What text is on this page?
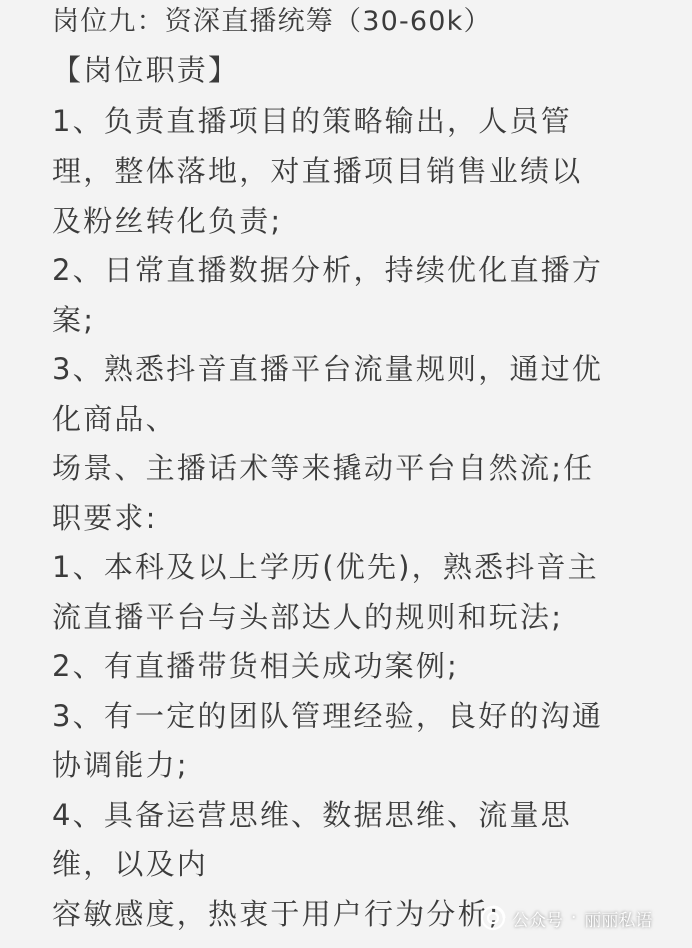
岗位九：资深直播统筹（30-60k）
【岗位职责】
1、负责直播项目的策略输出，人员管
理，整体落地，对直播项目销售业绩以
及粉丝转化负责;
2、日常直播数据分析，持续优化直播方
案;
3、熟悉抖音直播平台流量规则，通过优
化商品、
场景、主播话术等来撬动平台自然流;任
职要求:
1、本科及以上学历(优先)，熟悉抖音主
流直播平台与头部达人的规则和玩法;
2、有直播带货相关成功案例;
3、有一定的团队管理经验，良好的沟通
协调能力;
4、具备运营思维、数据思维、流量思
维，以及内
容敏感度，热衷于用户行为分析; 公众号 · 丽丽私语
